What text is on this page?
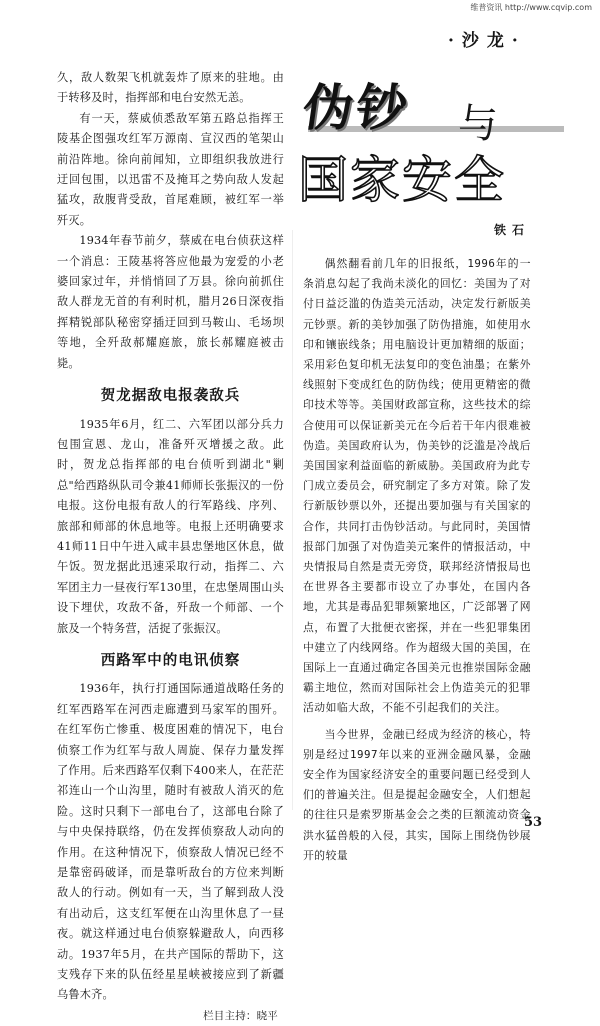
维普资讯 http://www.cqvip.com
· 沙龙 ·

久，敌人数架飞机就轰炸了原来的驻地。由于转移及时，指挥部和电台安然无恙。

有一天，蔡威侦悉敌军第五路总指挥王陵基企图强攻红军万源南、宣汉西的笔架山前沿阵地。徐向前闻知，立即组织我放进行迂回包围，以迅雷不及掩耳之势向敌人发起猛攻，敌腹背受敌，首尾难顾，被红军一举歼灭。

1934年春节前夕，蔡威在电台侦获这样一个消息：王陵基将答应他最为宠爱的小老婆回家过年，并悄悄回了万县。徐向前抓住敌人群龙无首的有利时机，腊月26日深夜指挥精锐部队秘密穿插迂回到马鞍山、毛场坝等地，全歼敌郝耀庭旅，旅长郝耀庭被击毙。

贺龙据敌电报袭敌兵

1935年6月，红二、六军团以部分兵力包围宣恩、龙山，准备歼灭增援之敌。此时，贺龙总指挥部的电台侦听到湖北"剿总"给西路纵队司令兼41师师长张振汉的一份电报。这份电报有敌人的行军路线、序列、旅部和师部的休息地等。电报上还明确要求41师11日中午进入咸丰县忠堡地区休息，做午饭。贺龙据此迅速采取行动，指挥二、六军团主力一昼夜行军130里，在忠堡周围山头设下埋伏，攻敌不备，歼敌一个师部、一个旅及一个特务营，活捉了张振汉。

西路军中的电讯侦察

1936年，执行打通国际通道战略任务的红军西路军在河西走廊遭到马家军的围歼。在红军伤亡惨重、极度困难的情况下，电台侦察工作为红军与敌人周旋、保存力量发挥了作用。后来西路军仅剩下400来人，在茫茫祁连山一个山沟里，随时有被敌人消灭的危险。这时只剩下一部电台了，这部电台除了与中央保持联络，仍在发挥侦察敌人动向的作用。在这种情况下，侦察敌人情况已经不是靠密码破译，而是靠听敌台的方位来判断敌人的行动。例如有一天，当了解到敌人没有出动后，这支红军便在山沟里休息了一昼夜。就这样通过电台侦察躲避敌人，向西移动。1937年5月，在共产国际的帮助下，这支残存下来的队伍经星星峡被接应到了新疆乌鲁木齐。

栏目主持：晓平
伪钞 与
国家安全
铁石

偶然翻看前几年的旧报纸，1996年的一条消息勾起了我尚未淡化的回忆：美国为了对付日益泛滥的伪造美元活动，决定发行新版美元钞票。新的美钞加强了防伪措施，如使用水印和镶嵌线条；用电脑设计更加精细的版面；采用彩色复印机无法复印的变色油墨；在紫外线照射下变成红色的防伪线；使用更精密的微印技术等等。美国财政部宣称，这些技术的综合使用可以保证新美元在今后若干年内很难被伪造。美国政府认为，伪美钞的泛滥是冷战后美国国家利益面临的新威胁。美国政府为此专门成立委员会，研究制定了多方对策。除了发行新版钞票以外，还提出要加强与有关国家的合作，共同打击伪钞活动。与此同时，美国情报部门加强了对伪造美元案件的情报活动，中央情报局自然是责无旁贷，联邦经济情报局也在世界各主要都市设立了办事处，在国内各地，尤其是毒品犯罪频繁地区，广泛部署了网点，布置了大批便衣密探，并在一些犯罪集团中建立了内线网络。作为超级大国的美国，在国际上一直通过确定各国美元也推崇国际金融霸主地位，然而对国际社会上伪造美元的犯罪活动如临大敌，不能不引起我们的关注。

当今世界，金融已经成为经济的核心，特别是经过1997年以来的亚洲金融风暴，金融安全作为国家经济安全的重要问题已经受到人们的普遍关注。但是提起金融安全，人们想起的往往只是索罗斯基金会之类的巨额流动资金洪水猛兽般的入侵，其实，国际上围绕伪钞展开的较量

53
